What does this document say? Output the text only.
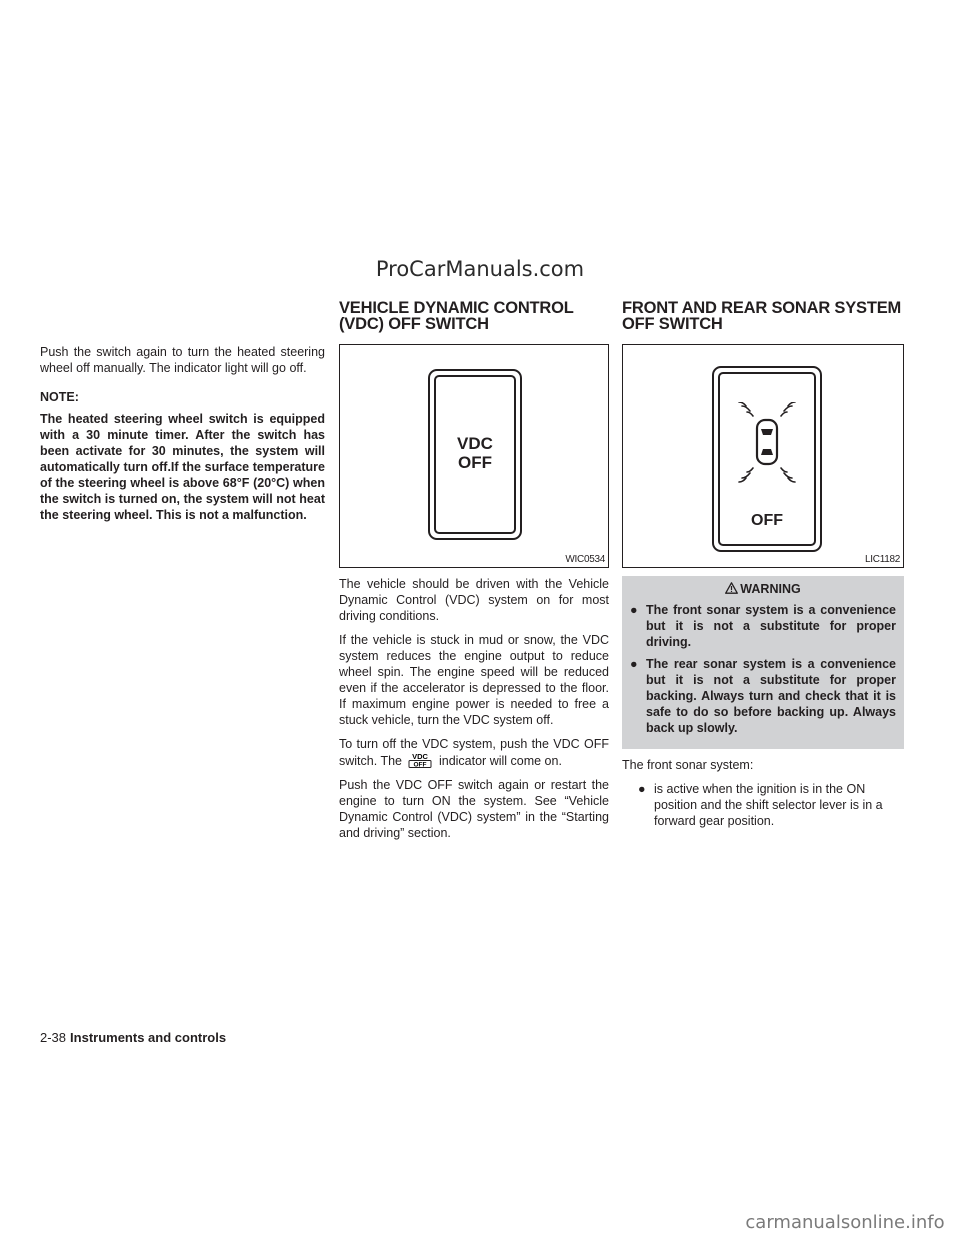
ProCarManuals.com

Push the switch again to turn the heated steering wheel off manually. The indicator light will go off.

NOTE:

The heated steering wheel switch is equipped with a 30 minute timer. After the switch has been activate for 30 minutes, the system will automatically turn off.If the surface temperature of the steering wheel is above 68°F (20°C) when the switch is turned on, the system will not heat the steering wheel. This is not a malfunction.

VEHICLE DYNAMIC CONTROL (VDC) OFF SWITCH
VDC
OFF
WIC0534

The vehicle should be driven with the Vehicle Dynamic Control (VDC) system on for most driving conditions.

If the vehicle is stuck in mud or snow, the VDC system reduces the engine output to reduce wheel spin. The engine speed will be reduced even if the accelerator is depressed to the floor. If maximum engine power is needed to free a stuck vehicle, turn the VDC system off.

To turn off the VDC system, push the VDC OFF switch. The VDC
OFF indicator will come on.

Push the VDC OFF switch again or restart the engine to turn ON the system. See “Vehicle Dynamic Control (VDC) system” in the “Starting and driving” section.

FRONT AND REAR SONAR SYSTEM OFF SWITCH
OFF
LIC1182
WARNING
● The front sonar system is a convenience but it is not a substitute for proper driving.
● The rear sonar system is a convenience but it is not a substitute for proper backing. Always turn and check that it is safe to do so before backing up. Always back up slowly.

The front sonar system:

● is active when the ignition is in the ON position and the shift selector lever is in a forward gear position.
2-38 Instruments and controls
carmanualsonline.info
